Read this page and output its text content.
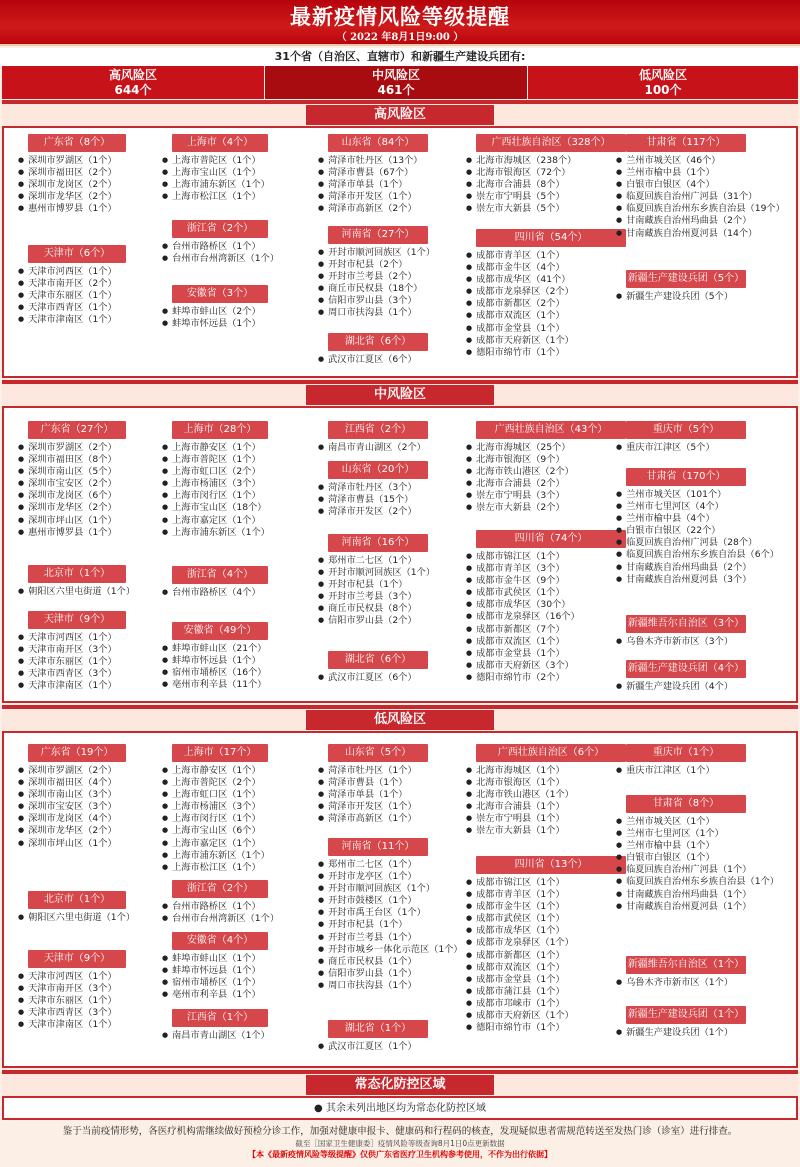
最新疫情风险等级提醒
（ 2022 年8月1日9:00 ）
31个省（自治区、直辖市）和新疆生产建设兵团有:
高风险区
644个
中风险区
461个
低风险区
100个
高风险区
中风险区
低风险区
常态化防控区域
● 其余未列出地区均为常态化防控区域
广东省（8个）
● 深圳市罗湖区（1个）
● 深圳市福田区（2个）
● 深圳市龙岗区（2个）
● 深圳市龙华区（2个）
● 惠州市博罗县（1个）
天津市（6个）
● 天津市河西区（1个）
● 天津市南开区（2个）
● 天津市东丽区（1个）
● 天津市西青区（1个）
● 天津市津南区（1个）
上海市（4个）
● 上海市普陀区（1个）
● 上海市宝山区（1个）
● 上海市浦东新区（1个）
● 上海市松江区（1个）
浙江省（2个）
● 台州市路桥区（1个）
● 台州市台州湾新区（1个）
安徽省（3个）
● 蚌埠市蚌山区（2个）
● 蚌埠市怀远县（1个）
山东省（84个）
● 菏泽市牡丹区（13个）
● 菏泽市曹县（67个）
● 菏泽市单县（1个）
● 菏泽市开发区（1个）
● 菏泽市高新区（2个）
河南省（27个）
● 开封市顺河回族区（1个）
● 开封市杞县（2个）
● 开封市兰考县（2个）
● 商丘市民权县（18个）
● 信阳市罗山县（3个）
● 周口市扶沟县（1个）
湖北省（6个）
● 武汉市江夏区（6个）
广西壮族自治区（328个）
● 北海市海城区（238个）
● 北海市银海区（72个）
● 北海市合浦县（8个）
● 崇左市宁明县（5个）
● 崇左市大新县（5个）
四川省（54个）
● 成都市青羊区（1个）
● 成都市金牛区（4个）
● 成都市成华区（41个）
● 成都市龙泉驿区（2个）
● 成都市新都区（2个）
● 成都市双流区（1个）
● 成都市金堂县（1个）
● 成都市天府新区（1个）
● 德阳市绵竹市（1个）
甘肃省（117个）
● 兰州市城关区（46个）
● 兰州市榆中县（1个）
● 白银市白银区（4个）
● 临夏回族自治州广河县（31个）
● 临夏回族自治州东乡族自治县（19个）
● 甘南藏族自治州玛曲县（2个）
● 甘南藏族自治州夏河县（14个）
新疆生产建设兵团（5个）
● 新疆生产建设兵团（5个）
广东省（27个）
● 深圳市罗湖区（2个）
● 深圳市福田区（8个）
● 深圳市南山区（5个）
● 深圳市宝安区（2个）
● 深圳市龙岗区（6个）
● 深圳市龙华区（2个）
● 深圳市坪山区（1个）
● 惠州市博罗县（1个）
北京市（1个）
● 朝阳区六里屯街道（1个）
天津市（9个）
● 天津市河西区（1个）
● 天津市南开区（3个）
● 天津市东丽区（1个）
● 天津市西青区（3个）
● 天津市津南区（1个）
上海市（28个）
● 上海市静安区（1个）
● 上海市普陀区（1个）
● 上海市虹口区（2个）
● 上海市杨浦区（3个）
● 上海市闵行区（1个）
● 上海市宝山区（18个）
● 上海市嘉定区（1个）
● 上海市浦东新区（1个）
浙江省（4个）
● 台州市路桥区（4个）
安徽省（49个）
● 蚌埠市蚌山区（21个）
● 蚌埠市怀远县（1个）
● 宿州市埇桥区（16个）
● 亳州市利辛县（11个）
江西省（2个）
● 南昌市青山湖区（2个）
山东省（20个）
● 菏泽市牡丹区（3个）
● 菏泽市曹县（15个）
● 菏泽市开发区（2个）
河南省（16个）
● 郑州市二七区（1个）
● 开封市顺河回族区（1个）
● 开封市杞县（1个）
● 开封市兰考县（3个）
● 商丘市民权县（8个）
● 信阳市罗山县（2个）
湖北省（6个）
● 武汉市江夏区（6个）
广西壮族自治区（43个）
● 北海市海城区（25个）
● 北海市银海区（9个）
● 北海市铁山港区（2个）
● 北海市合浦县（2个）
● 崇左市宁明县（3个）
● 崇左市大新县（2个）
四川省（74个）
● 成都市锦江区（1个）
● 成都市青羊区（3个）
● 成都市金牛区（9个）
● 成都市武侯区（1个）
● 成都市成华区（30个）
● 成都市龙泉驿区（16个）
● 成都市新都区（7个）
● 成都市双流区（1个）
● 成都市金堂县（1个）
● 成都市天府新区（3个）
● 德阳市绵竹市（2个）
重庆市（5个）
● 重庆市江津区（5个）
甘肃省（170个）
● 兰州市城关区（101个）
● 兰州市七里河区（4个）
● 兰州市榆中县（4个）
● 白银市白银区（22个）
● 临夏回族自治州广河县（28个）
● 临夏回族自治州东乡族自治县（6个）
● 甘南藏族自治州玛曲县（2个）
● 甘南藏族自治州夏河县（3个）
新疆维吾尔自治区（3个）
● 乌鲁木齐市新市区（3个）
新疆生产建设兵团（4个）
● 新疆生产建设兵团（4个）
广东省（19个）
● 深圳市罗湖区（2个）
● 深圳市福田区（4个）
● 深圳市南山区（3个）
● 深圳市宝安区（3个）
● 深圳市龙岗区（4个）
● 深圳市龙华区（2个）
● 深圳市坪山区（1个）
北京市（1个）
● 朝阳区六里屯街道（1个）
天津市（9个）
● 天津市河西区（1个）
● 天津市南开区（3个）
● 天津市东丽区（1个）
● 天津市西青区（3个）
● 天津市津南区（1个）
上海市（17个）
● 上海市静安区（1个）
● 上海市普陀区（2个）
● 上海市虹口区（1个）
● 上海市杨浦区（3个）
● 上海市闵行区（1个）
● 上海市宝山区（6个）
● 上海市嘉定区（1个）
● 上海市浦东新区（1个）
● 上海市松江区（1个）
浙江省（2个）
● 台州市路桥区（1个）
● 台州市台州湾新区（1个）
安徽省（4个）
● 蚌埠市蚌山区（1个）
● 蚌埠市怀远县（1个）
● 宿州市埇桥区（1个）
● 亳州市利辛县（1个）
江西省（1个）
● 南昌市青山湖区（1个）
山东省（5个）
● 菏泽市牡丹区（1个）
● 菏泽市曹县（1个）
● 菏泽市单县（1个）
● 菏泽市开发区（1个）
● 菏泽市高新区（1个）
河南省（11个）
● 郑州市二七区（1个）
● 开封市龙亭区（1个）
● 开封市顺河回族区（1个）
● 开封市鼓楼区（1个）
● 开封市禹王台区（1个）
● 开封市杞县（1个）
● 开封市兰考县（1个）
● 开封市城乡一体化示范区（1个）
● 商丘市民权县（1个）
● 信阳市罗山县（1个）
● 周口市扶沟县（1个）
湖北省（1个）
● 武汉市江夏区（1个）
广西壮族自治区（6个）
● 北海市海城区（1个）
● 北海市银海区（1个）
● 北海市铁山港区（1个）
● 北海市合浦县（1个）
● 崇左市宁明县（1个）
● 崇左市大新县（1个）
四川省（13个）
● 成都市锦江区（1个）
● 成都市青羊区（1个）
● 成都市金牛区（1个）
● 成都市武侯区（1个）
● 成都市成华区（1个）
● 成都市龙泉驿区（1个）
● 成都市新都区（1个）
● 成都市双流区（1个）
● 成都市金堂县（1个）
● 成都市蒲江县（1个）
● 成都市邛崃市（1个）
● 成都市天府新区（1个）
● 德阳市绵竹市（1个）
重庆市（1个）
● 重庆市江津区（1个）
甘肃省（8个）
● 兰州市城关区（1个）
● 兰州市七里河区（1个）
● 兰州市榆中县（1个）
● 白银市白银区（1个）
● 临夏回族自治州广河县（1个）
● 临夏回族自治州东乡族自治县（1个）
● 甘南藏族自治州玛曲县（1个）
● 甘南藏族自治州夏河县（1个）
新疆维吾尔自治区（1个）
● 乌鲁木齐市新市区（1个）
新疆生产建设兵团（1个）
● 新疆生产建设兵团（1个）
鉴于当前疫情形势，各医疗机构需继续做好预检分诊工作，加强对健康申报卡、健康码和行程码的核查，发现疑似患者需规范转送至发热门诊（诊室）进行排查。
截至［国家卫生健康委］疫情风险等级查询8月1日0点更新数据
【本《最新疫情风险等级提醒》仅供广东省医疗卫生机构参考使用，不作为出行依据】
